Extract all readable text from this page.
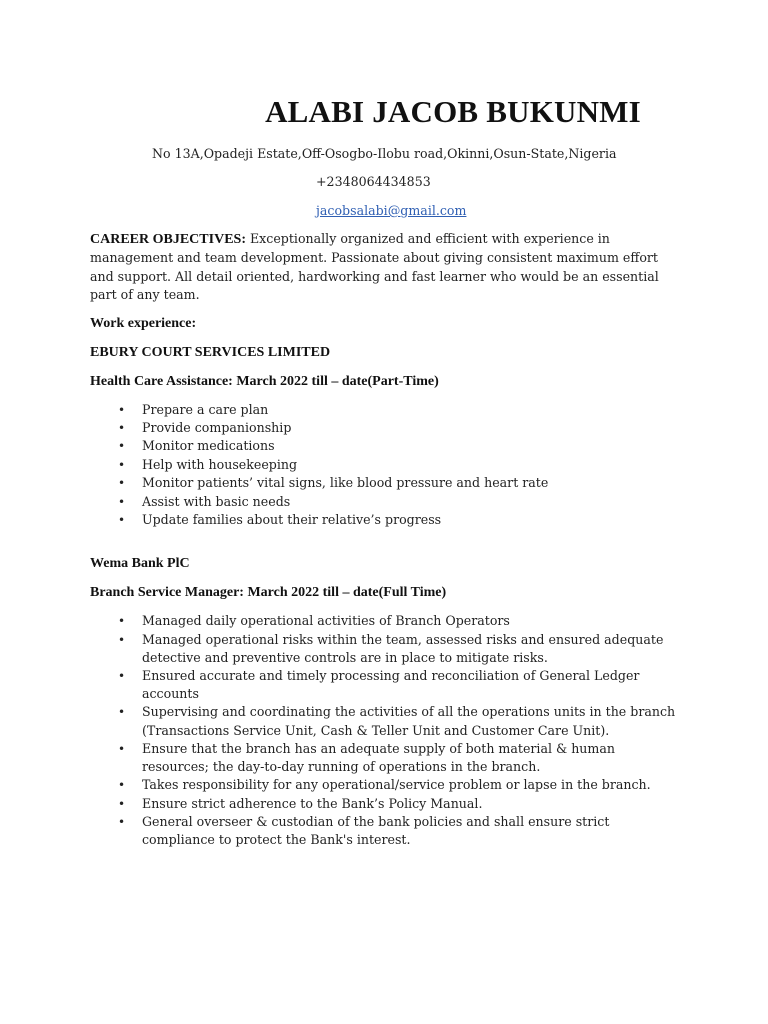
ALABI JACOB BUKUNMI
No 13A,Opadeji Estate,Off-Osogbo-Ilobu road,Okinni,Osun-State,Nigeria
+2348064434853
jacobsalabi@gmail.com

CAREER OBJECTIVES: Exceptionally organized and efficient with experience in management and team development. Passionate about giving consistent maximum effort and support. All detail oriented, hardworking and fast learner who would be an essential part of any team.

Work experience:

EBURY COURT SERVICES LIMITED

Health Care Assistance: March 2022 till – date(Part-Time)

• Prepare a care plan
• Provide companionship
• Monitor medications
• Help with housekeeping
• Monitor patients’ vital signs, like blood pressure and heart rate
• Assist with basic needs
• Update families about their relative’s progress

Wema Bank PlC

Branch Service Manager: March 2022 till – date(Full Time)

• Managed daily operational activities of Branch Operators
• Managed operational risks within the team, assessed risks and ensured adequate detective and preventive controls are in place to mitigate risks.
• Ensured accurate and timely processing and reconciliation of General Ledger accounts
• Supervising and coordinating the activities of all the operations units in the branch (Transactions Service Unit, Cash & Teller Unit and Customer Care Unit).
• Ensure that the branch has an adequate supply of both material & human resources; the day-to-day running of operations in the branch.
• Takes responsibility for any operational/service problem or lapse in the branch.
• Ensure strict adherence to the Bank’s Policy Manual.
• General overseer & custodian of the bank policies and shall ensure strict compliance to protect the Bank's interest.
